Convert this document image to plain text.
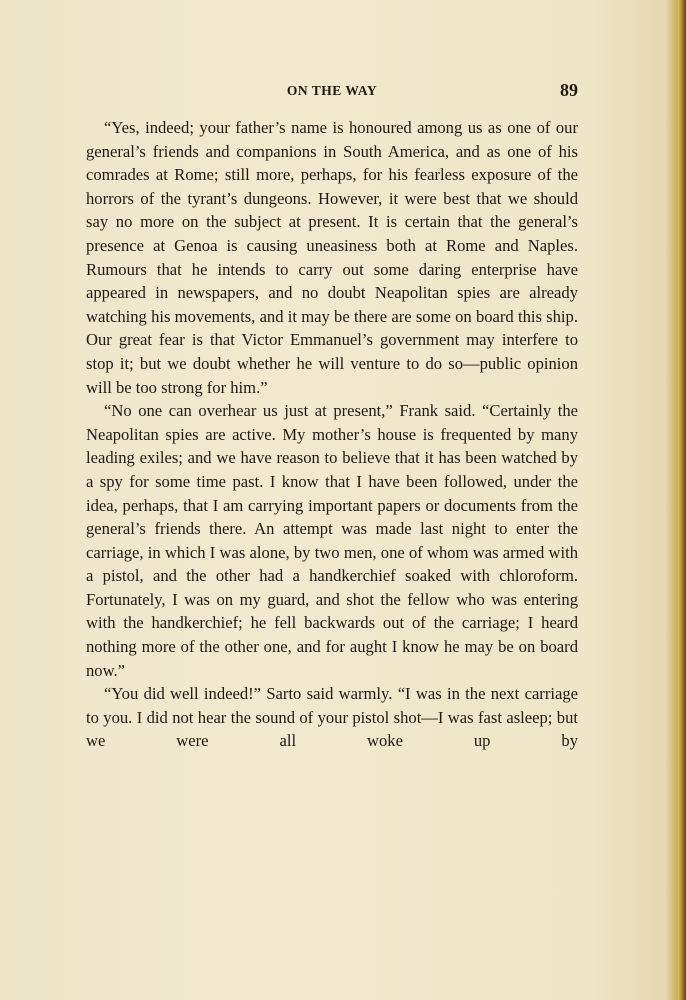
ON THE WAY	89

“Yes, indeed; your father’s name is honoured among us as one of our general’s friends and companions in South America, and as one of his comrades at Rome; still more, perhaps, for his fearless exposure of the horrors of the tyrant’s dungeons. However, it were best that we should say no more on the subject at present. It is certain that the general’s presence at Genoa is causing uneasiness both at Rome and Naples. Rumours that he intends to carry out some daring enterprise have appeared in newspapers, and no doubt Neapolitan spies are already watching his movements, and it may be there are some on board this ship. Our great fear is that Victor Emmanuel’s government may interfere to stop it; but we doubt whether he will venture to do so—public opinion will be too strong for him.”

“No one can overhear us just at present,” Frank said. “Certainly the Neapolitan spies are active. My mother’s house is frequented by many leading exiles; and we have reason to believe that it has been watched by a spy for some time past. I know that I have been followed, under the idea, perhaps, that I am carrying important papers or documents from the general’s friends there. An attempt was made last night to enter the carriage, in which I was alone, by two men, one of whom was armed with a pistol, and the other had a handkerchief soaked with chloroform. Fortunately, I was on my guard, and shot the fellow who was entering with the handkerchief; he fell backwards out of the carriage; I heard nothing more of the other one, and for aught I know he may be on board now.”

“You did well indeed!” Sarto said warmly. “I was in the next carriage to you. I did not hear the sound of your pistol shot—I was fast asleep; but we were all woke up by
